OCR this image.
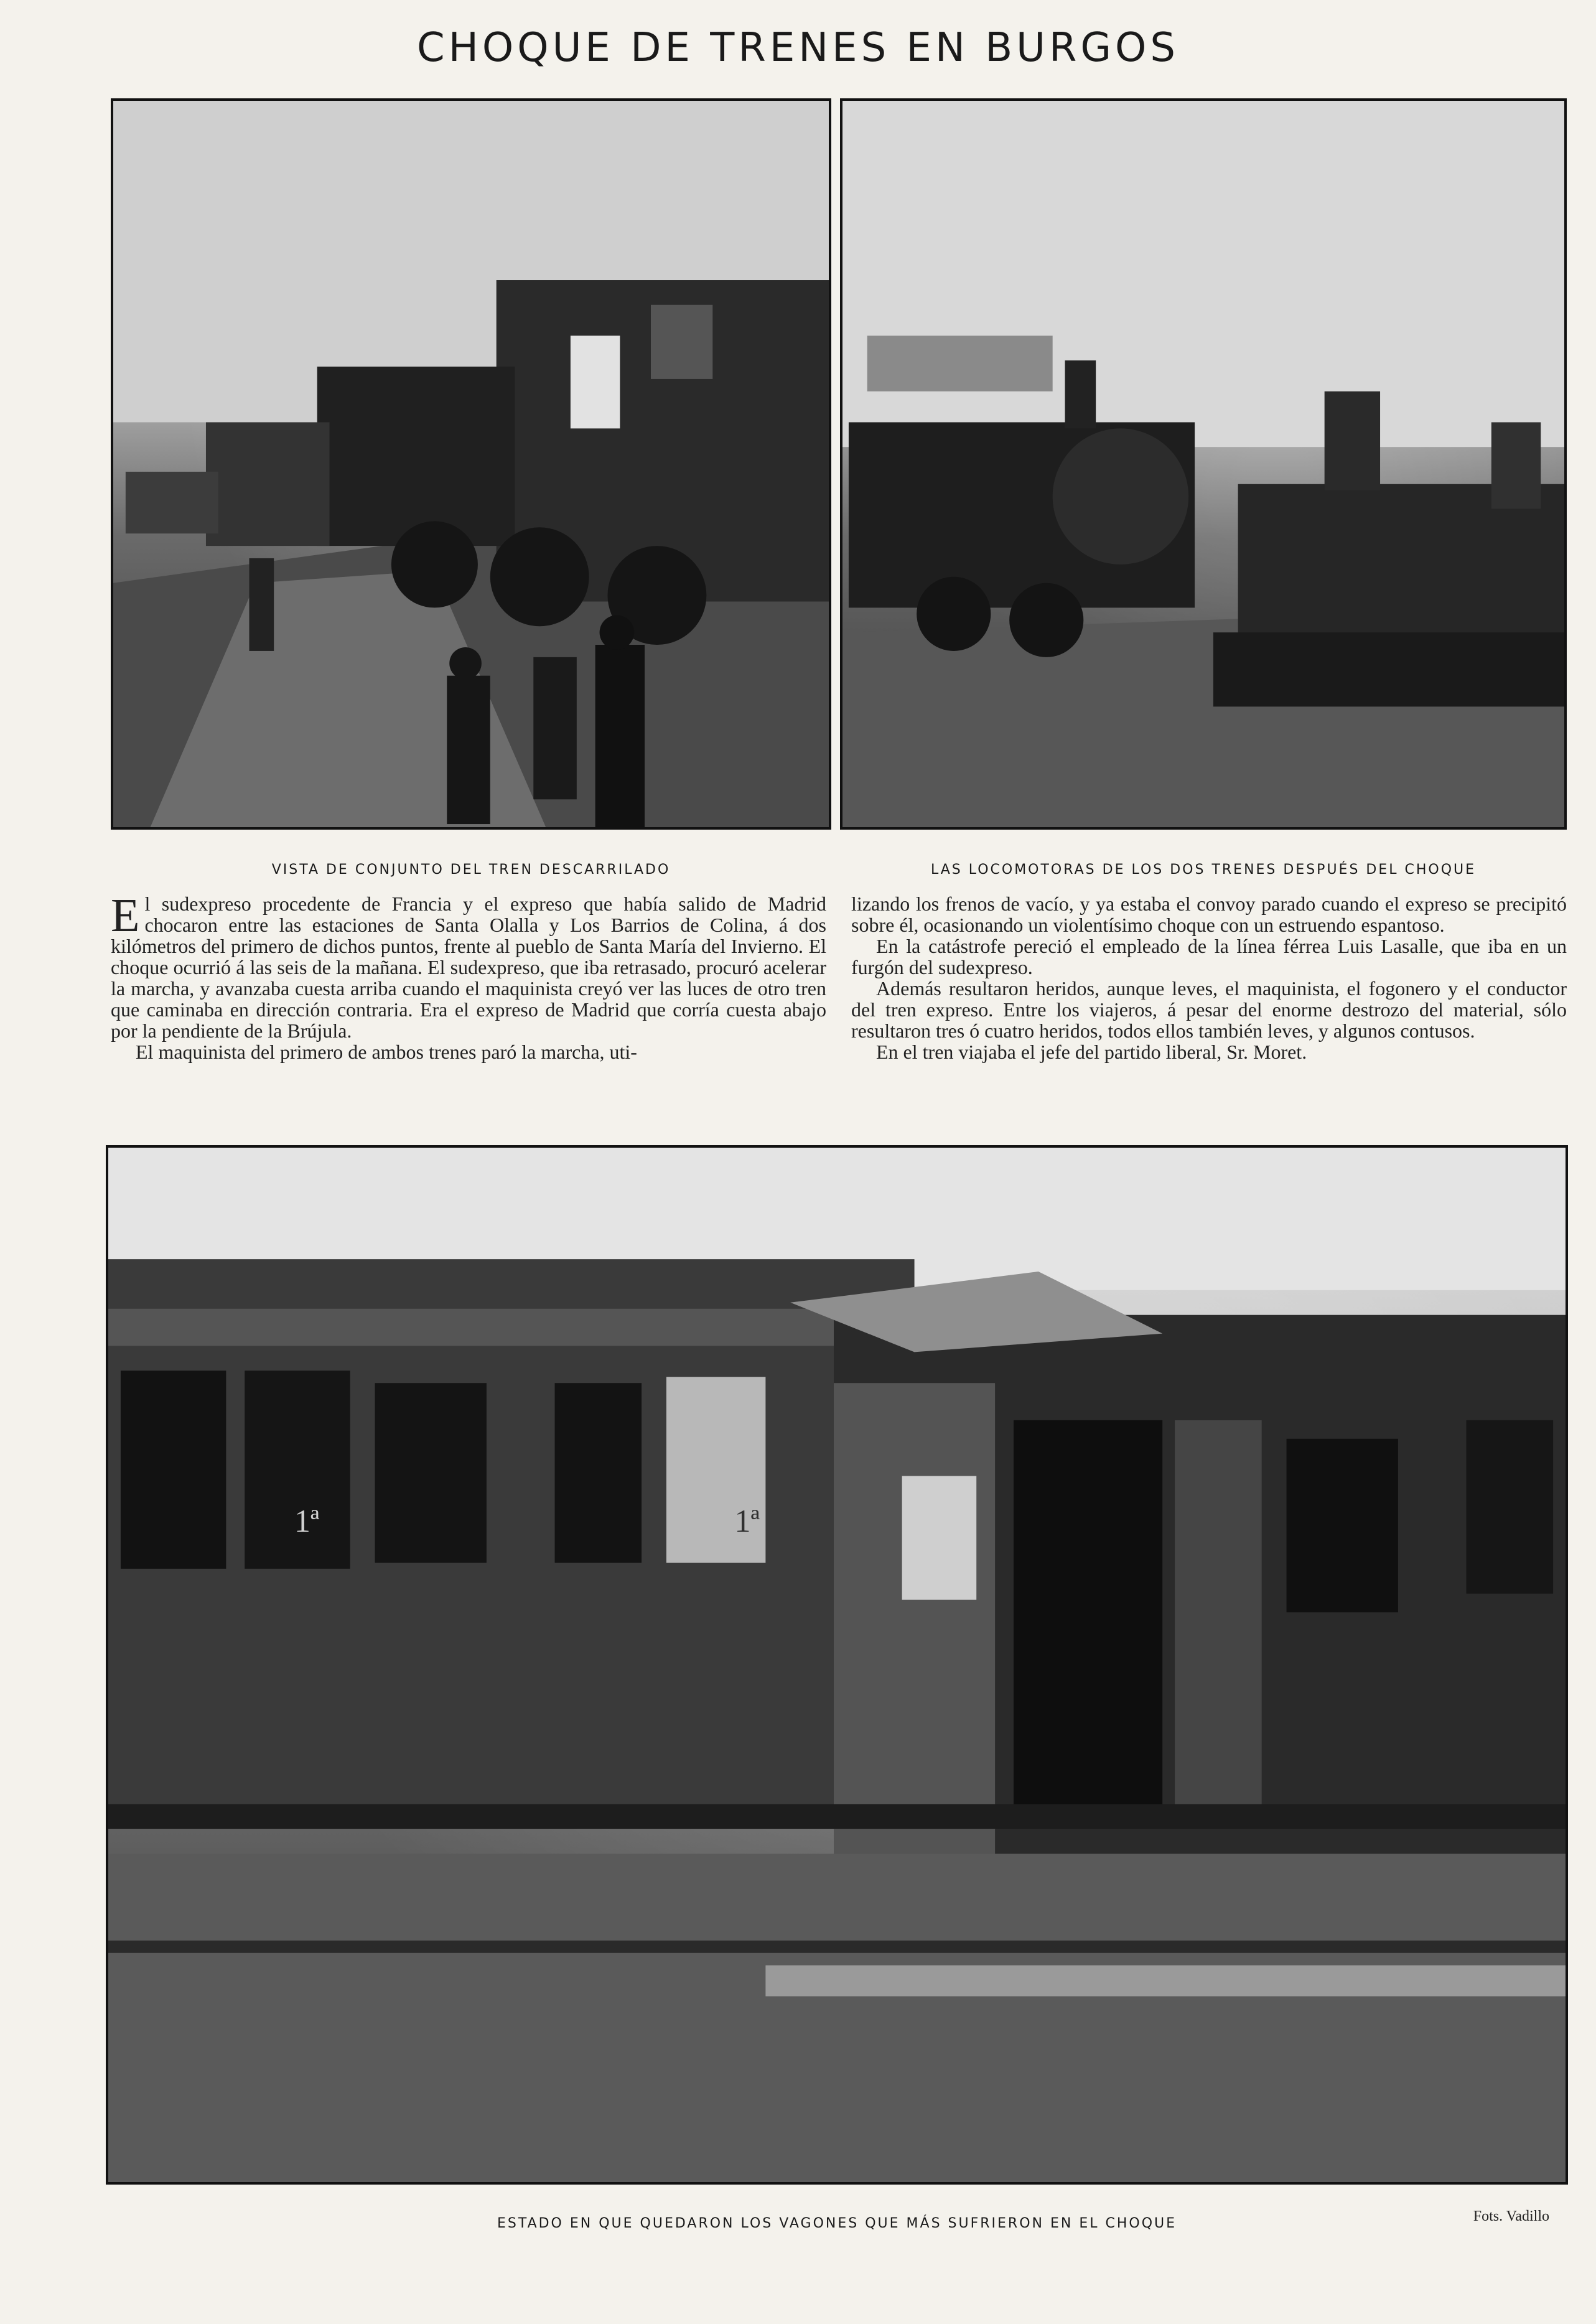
CHOQUE DE TRENES EN BURGOS
VISTA DE CONJUNTO DEL TREN DESCARRILADO	LAS LOCOMOTORAS DE LOS DOS TRENES DESPUÉS DEL CHOQUE

El sudexpreso procedente de Francia y el expreso que había salido de Madrid chocaron entre las estaciones de Santa Olalla y Los Barrios de Colina, á dos kilómetros del primero de dichos puntos, frente al pueblo de Santa María del Invierno. El choque ocurrió á las seis de la mañana. El sudexpreso, que iba retrasado, procuró acelerar la marcha, y avanzaba cuesta arriba cuando el maquinista creyó ver las luces de otro tren que caminaba en dirección contraria. Era el expreso de Madrid que corría cuesta abajo por la pendiente de la Brújula.

El maquinista del primero de ambos trenes paró la marcha, uti-

lizando los frenos de vacío, y ya estaba el convoy parado cuando el expreso se precipitó sobre él, ocasionando un violentísimo choque con un estruendo espantoso.

En la catástrofe pereció el empleado de la línea férrea Luis Lasalle, que iba en un furgón del sudexpreso.

Además resultaron heridos, aunque leves, el maquinista, el fogonero y el conductor del tren expreso. Entre los viajeros, á pesar del enorme destrozo del material, sólo resultaron tres ó cuatro heridos, todos ellos también leves, y algunos contusos.

En el tren viajaba el jefe del partido liberal, Sr. Moret.

1ª	1ª
ESTADO EN QUE QUEDARON LOS VAGONES QUE MÁS SUFRIERON EN EL CHOQUE	Fots. Vadillo
